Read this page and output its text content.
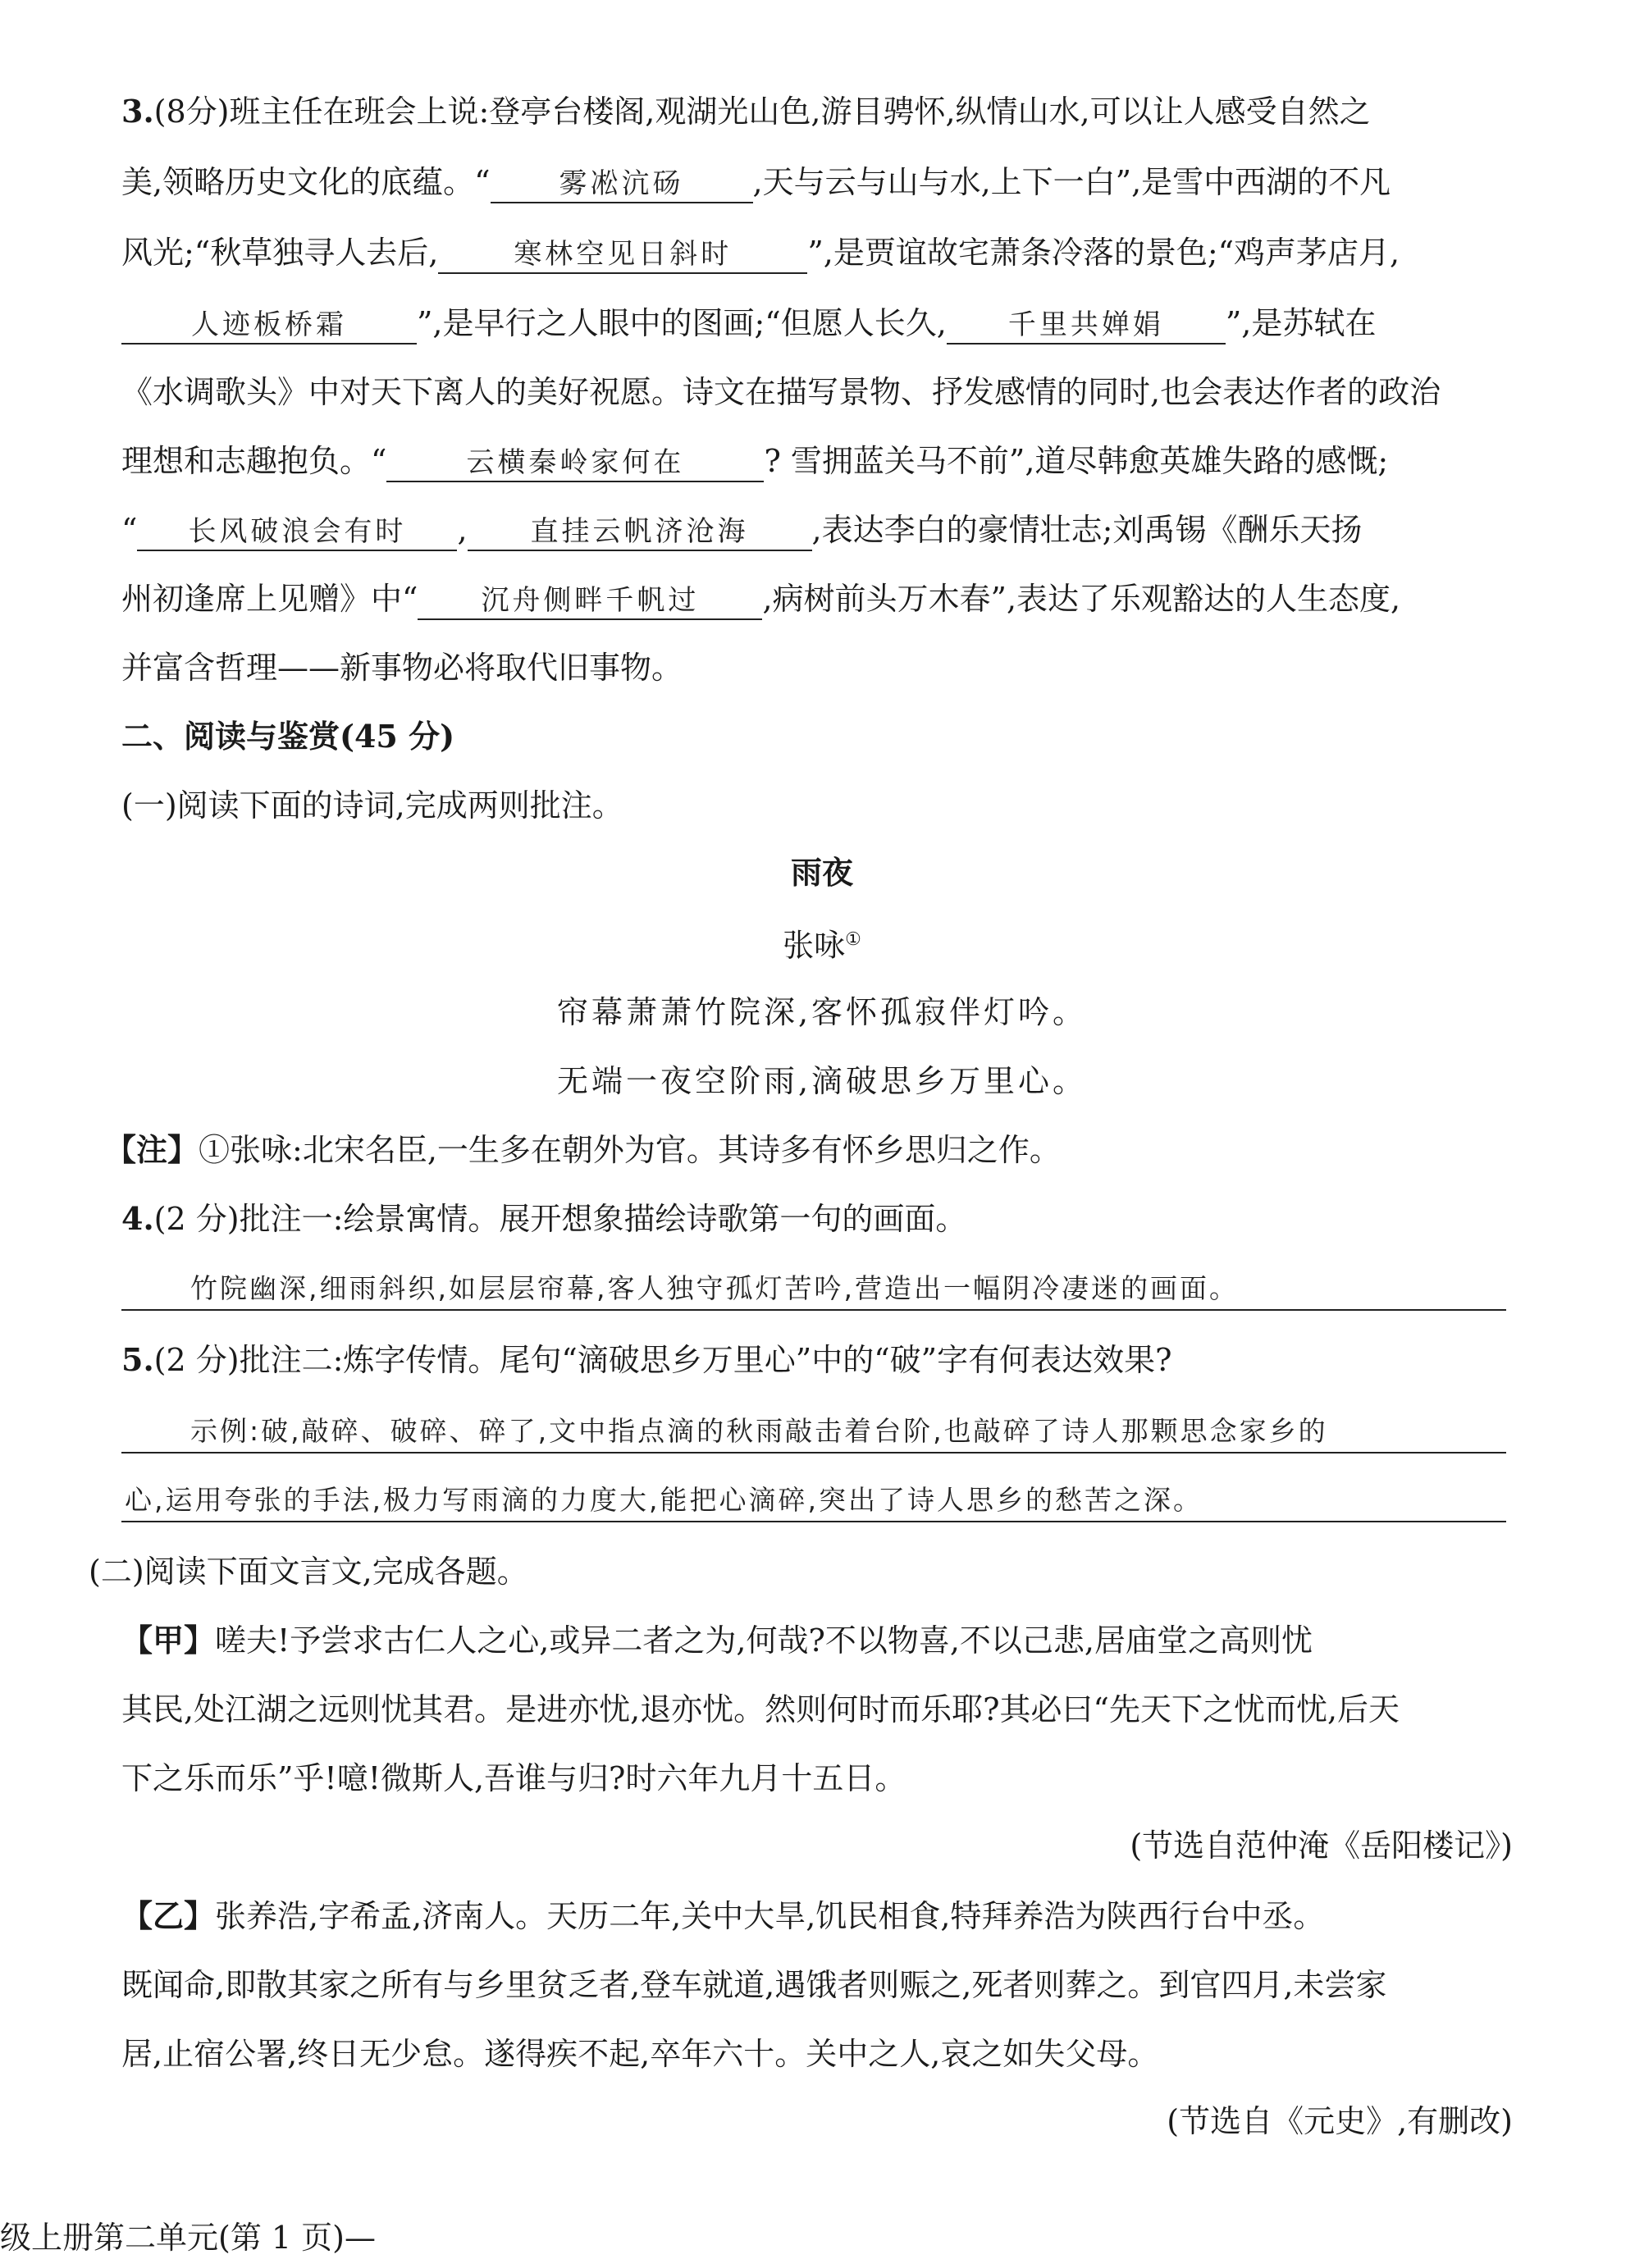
3.(8分)班主任在班会上说:登亭台楼阁,观湖光山色,游目骋怀,纵情山水,可以让人感受自然之
美,领略历史文化的底蕴。“ 雾凇沆砀 ,天与云与山与水,上下一白”,是雪中西湖的不凡
风光;“秋草独寻人去后,	寒林空见日斜时 ”,是贾谊故宅萧条冷落的景色;“鸡声茅店月,
人迹板桥霜 ”,是早行之人眼中的图画;“但愿人长久, 千里共婵娟 ”,是苏轼在
《水调歌头》中对天下离人的美好祝愿。诗文在描写景物、抒发感情的同时,也会表达作者的政治
理想和志趣抱负。“	云横秦岭家何在	? 雪拥蓝关马不前”,道尽韩愈英雄失路的感慨;
“ 长风破浪会有时 , 直挂云帆济沧海 ,表达李白的豪情壮志;刘禹锡《酬乐天扬
州初逢席上见赠》中“ 沉舟侧畔千帆过 ,病树前头万木春”,表达了乐观豁达的人生态度,
并富含哲理——新事物必将取代旧事物。
二、阅读与鉴赏(45 分)
(一)阅读下面的诗词,完成两则批注。
雨夜
张咏①
帘幕萧萧竹院深,客怀孤寂伴灯吟。
无端一夜空阶雨,滴破思乡万里心。
【注】①张咏:北宋名臣,一生多在朝外为官。其诗多有怀乡思归之作。
4.(2 分)批注一:绘景寓情。展开想象描绘诗歌第一句的画面。
竹院幽深,细雨斜织,如层层帘幕,客人独守孤灯苦吟,营造出一幅阴冷凄迷的画面。
5.(2 分)批注二:炼字传情。尾句“滴破思乡万里心”中的“破”字有何表达效果?
示例:破,敲碎、破碎、碎了,文中指点滴的秋雨敲击着台阶,也敲碎了诗人那颗思念家乡的
心,运用夸张的手法,极力写雨滴的力度大,能把心滴碎,突出了诗人思乡的愁苦之深。
(二)阅读下面文言文,完成各题。
【甲】嗟夫!予尝求古仁人之心,或异二者之为,何哉?不以物喜,不以己悲,居庙堂之高则忧
其民,处江湖之远则忧其君。是进亦忧,退亦忧。然则何时而乐耶?其必曰“先天下之忧而忧,后天
下之乐而乐”乎!噫!微斯人,吾谁与归?时六年九月十五日。
(节选自范仲淹《岳阳楼记》)
【乙】张养浩,字希孟,济南人。天历二年,关中大旱,饥民相食,特拜养浩为陕西行台中丞。
既闻命,即散其家之所有与乡里贫乏者,登车就道,遇饿者则赈之,死者则葬之。到官四月,未尝家
居,止宿公署,终日无少怠。遂得疾不起,卒年六十。关中之人,哀之如失父母。
(节选自《元史》,有删改)
级上册第二单元(第 1 页)—
